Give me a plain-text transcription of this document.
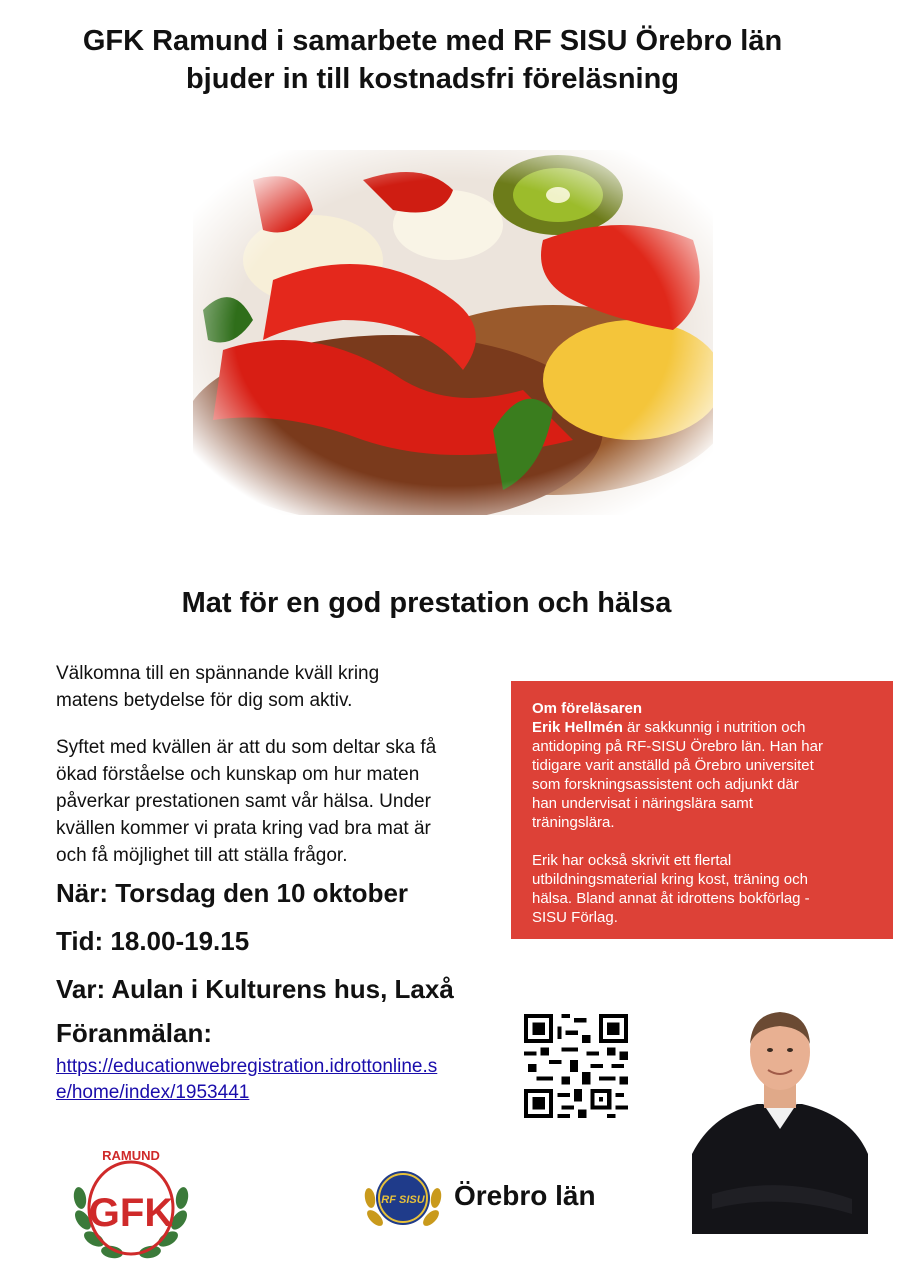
GFK Ramund i samarbete med RF SISU Örebro län
bjuder in till kostnadsfri föreläsning
Mat för en god prestation och hälsa

Välkomna till en spännande kväll kring
matens betydelse för dig som aktiv.

Syftet med kvällen är att du som deltar ska få
ökad förståelse och kunskap om hur maten
påverkar prestationen samt vår hälsa. Under
kvällen kommer vi prata kring vad bra mat är
och få möjlighet till att ställa frågor.

När: Torsdag den 10 oktober

Tid: 18.00-19.15

Var: Aulan i Kulturens hus, Laxå

Föranmälan:

https://educationwebregistration.idrottonline.s
e/home/index/1953441

Om föreläsaren
Erik Hellmén är sakkunnig i nutrition och
antidoping på RF-SISU Örebro län. Han har
tidigare varit anställd på Örebro universitet
som forskningsassistent och adjunkt där
han undervisat i näringslära samt
träningslära.

Erik har också skrivit ett flertal
utbildningsmaterial kring kost, träning och
hälsa. Bland annat åt idrottens bokförlag -
SISU Förlag.

RAMUND
GFK	RF SISU Örebro län
